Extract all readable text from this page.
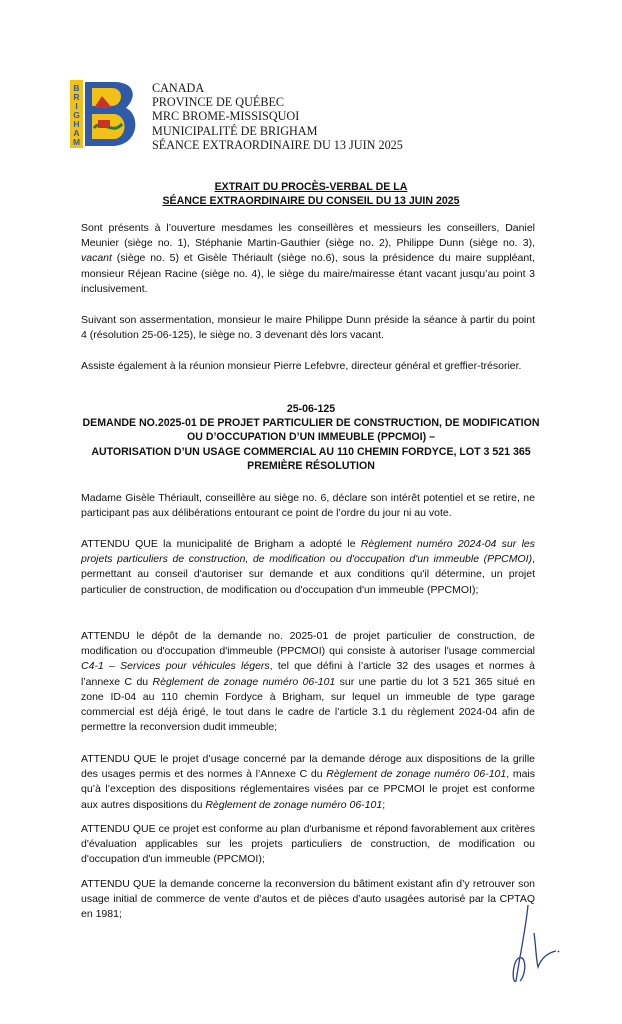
B
R
I
G
H
A
M
CANADA
PROVINCE DE QUÉBEC
MRC BROME-MISSISQUOI
MUNICIPALITÉ DE BRIGHAM
SÉANCE EXTRAORDINAIRE DU 13 JUIN 2025
EXTRAIT DU PROCÈS-VERBAL DE LA
SÉANCE EXTRAORDINAIRE DU CONSEIL DU 13 JUIN 2025
Sont présents à l’ouverture mesdames les conseillères et messieurs les conseillers, Daniel Meunier (siège no. 1), Stéphanie Martin-Gauthier (siège no. 2), Philippe Dunn (siège no. 3), vacant (siège no. 5) et Gisèle Thériault (siège no.6), sous la présidence du maire suppléant, monsieur Réjean Racine (siège no. 4), le siège du maire/mairesse étant vacant jusqu’au point 3 inclusivement.
Suivant son assermentation, monsieur le maire Philippe Dunn préside la séance à partir du point 4 (résolution 25-06-125), le siège no. 3 devenant dès lors vacant.
Assiste également à la réunion monsieur Pierre Lefebvre, directeur général et greffier-trésorier.
25-06-125
DEMANDE NO.2025-01 DE PROJET PARTICULIER DE CONSTRUCTION, DE MODIFICATION
OU D’OCCUPATION D’UN IMMEUBLE (PPCMOI) –
AUTORISATION D’UN USAGE COMMERCIAL AU 110 CHEMIN FORDYCE, LOT 3 521 365
PREMIÈRE RÉSOLUTION
Madame Gisèle Thériault, conseillère au siège no. 6, déclare son intérêt potentiel et se retire, ne participant pas aux délibérations entourant ce point de l’ordre du jour ni au vote.
ATTENDU QUE la municipalité de Brigham a adopté le Règlement numéro 2024-04 sur les projets particuliers de construction, de modification ou d'occupation d'un immeuble (PPCMOI), permettant au conseil d'autoriser sur demande et aux conditions qu'il détermine, un projet particulier de construction, de modification ou d'occupation d'un immeuble (PPCMOI);
ATTENDU le dépôt de la demande no. 2025-01 de projet particulier de construction, de modification ou d'occupation d'immeuble (PPCMOI) qui consiste à autoriser l'usage commercial C4-1 – Services pour véhicules légers, tel que défini à l’article 32 des usages et normes à l’annexe C du Règlement de zonage numéro 06-101 sur une partie du lot 3 521 365 situé en zone ID-04 au 110 chemin Fordyce à Brigham, sur lequel un immeuble de type garage commercial est déjà érigé, le tout dans le cadre de l’article 3.1 du règlement 2024-04 afin de permettre la reconversion dudit immeuble;
ATTENDU QUE le projet d’usage concerné par la demande déroge aux dispositions de la grille des usages permis et des normes à l’Annexe C du Règlement de zonage numéro 06-101, mais qu’à l’exception des dispositions réglementaires visées par ce PPCMOI le projet est conforme aux autres dispositions du Règlement de zonage numéro 06-101;
ATTENDU QUE ce projet est conforme au plan d'urbanisme et répond favorablement aux critères d'évaluation applicables sur les projets particuliers de construction, de modification ou d'occupation d'un immeuble (PPCMOI);
ATTENDU QUE la demande concerne la reconversion du bâtiment existant afin d’y retrouver son usage initial de commerce de vente d’autos et de pièces d’auto usagées autorisé par la CPTAQ en 1981;
